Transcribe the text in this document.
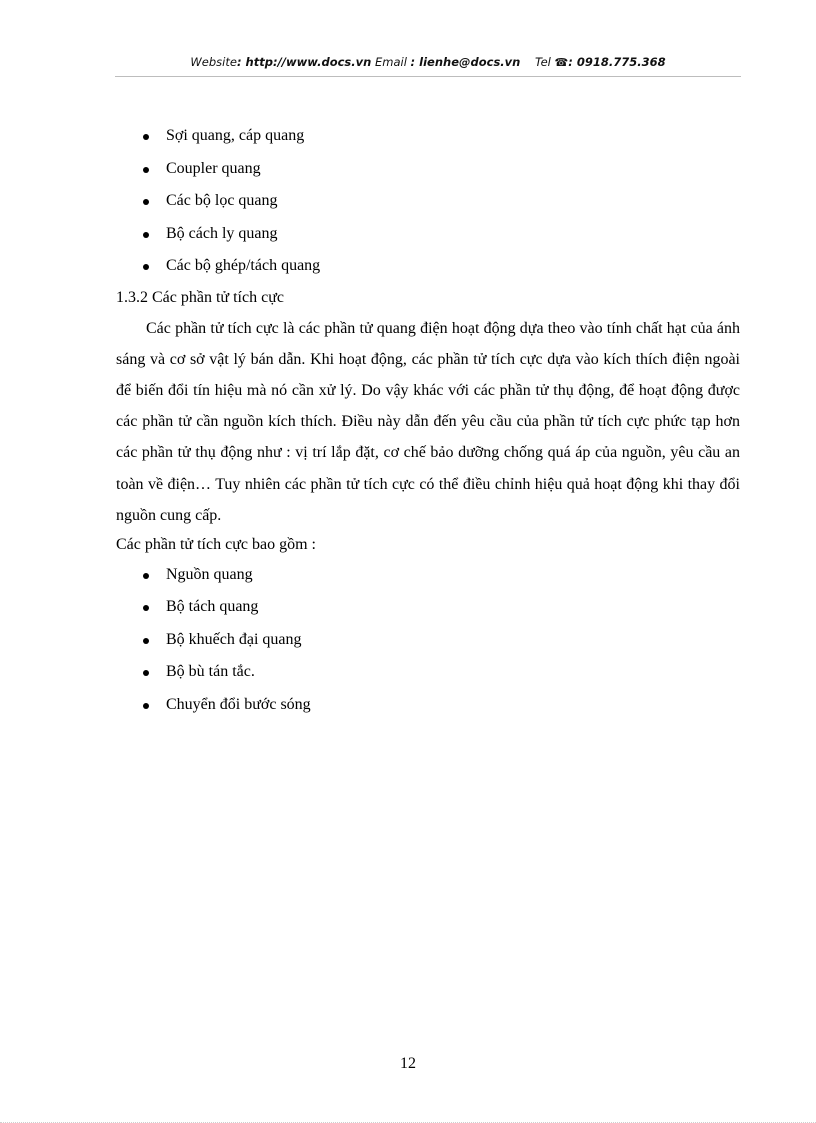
Website: http://www.docs.vn Email : lienhe@docs.vn Tel ☎: 0918.775.368
Sợi quang, cáp quang
Coupler quang
Các bộ lọc quang
Bộ cách ly quang
Các bộ ghép/tách quang
1.3.2 Các phần tử tích cực

Các phần tử tích cực là các phần tử quang điện hoạt động dựa theo vào tính chất hạt của ánh sáng và cơ sở vật lý bán dẫn. Khi hoạt động, các phần tử tích cực dựa vào kích thích điện ngoài để biến đổi tín hiệu mà nó cần xử lý. Do vậy khác với các phần tử thụ động, để hoạt động được các phần tử cần nguồn kích thích. Điều này dẫn đến yêu cầu của phần tử tích cực phức tạp hơn các phần tử thụ động như : vị trí lắp đặt, cơ chế bảo dưỡng chống quá áp của nguồn, yêu cầu an toàn về điện… Tuy nhiên các phần tử tích cực có thể điều chỉnh hiệu quả hoạt động khi thay đổi nguồn cung cấp.

Các phần tử tích cực bao gồm :
Nguồn quang
Bộ tách quang
Bộ khuếch đại quang
Bộ bù tán tắc.
Chuyển đổi bước sóng
12
